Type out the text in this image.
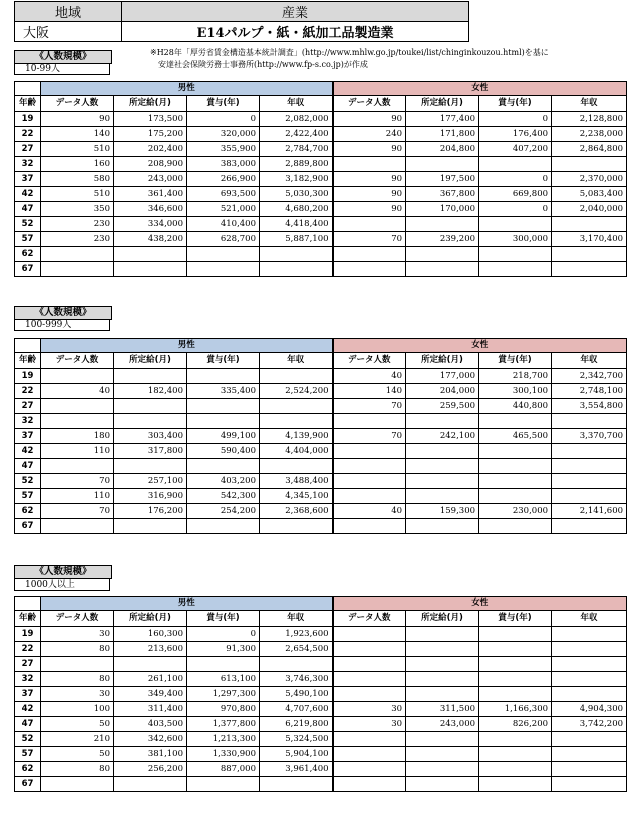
地域	産業
大阪	E14パルプ・紙・紙加工品製造業
※H28年「厚労省賃金構造基本統計調査」(http://www.mhlw.go.jp/toukei/list/chinginkouzou.html)を基に
安達社会保険労務士事務所(http://www.fp-s.co.jp)が作成
《人数規模》
10-99人
	男性				女性			
年齢	データ人数	所定給(月)	賞与(年)	年収	データ人数	所定給(月)	賞与(年)	年収
19	90	173,500	0	2,082,000	90	177,400	0	2,128,800
22	140	175,200	320,000	2,422,400	240	171,800	176,400	2,238,000
27	510	202,400	355,900	2,784,700	90	204,800	407,200	2,864,800
32	160	208,900	383,000	2,889,800				
37	580	243,000	266,900	3,182,900	90	197,500	0	2,370,000
42	510	361,400	693,500	5,030,300	90	367,800	669,800	5,083,400
47	350	346,600	521,000	4,680,200	90	170,000	0	2,040,000
52	230	334,000	410,400	4,418,400				
57	230	438,200	628,700	5,887,100	70	239,200	300,000	3,170,400
62								
67								
《人数規模》
100-999人
	男性				女性			
年齢	データ人数	所定給(月)	賞与(年)	年収	データ人数	所定給(月)	賞与(年)	年収
19					40	177,000	218,700	2,342,700
22	40	182,400	335,400	2,524,200	140	204,000	300,100	2,748,100
27					70	259,500	440,800	3,554,800
32								
37	180	303,400	499,100	4,139,900	70	242,100	465,500	3,370,700
42	110	317,800	590,400	4,404,000				
47								
52	70	257,100	403,200	3,488,400				
57	110	316,900	542,300	4,345,100				
62	70	176,200	254,200	2,368,600	40	159,300	230,000	2,141,600
67								
《人数規模》
1000人以上
	男性				女性			
年齢	データ人数	所定給(月)	賞与(年)	年収	データ人数	所定給(月)	賞与(年)	年収
19	30	160,300	0	1,923,600				
22	80	213,600	91,300	2,654,500				
27								
32	80	261,100	613,100	3,746,300				
37	30	349,400	1,297,300	5,490,100				
42	100	311,400	970,800	4,707,600	30	311,500	1,166,300	4,904,300
47	50	403,500	1,377,800	6,219,800	30	243,000	826,200	3,742,200
52	210	342,600	1,213,300	5,324,500				
57	50	381,100	1,330,900	5,904,100				
62	80	256,200	887,000	3,961,400				
67								
